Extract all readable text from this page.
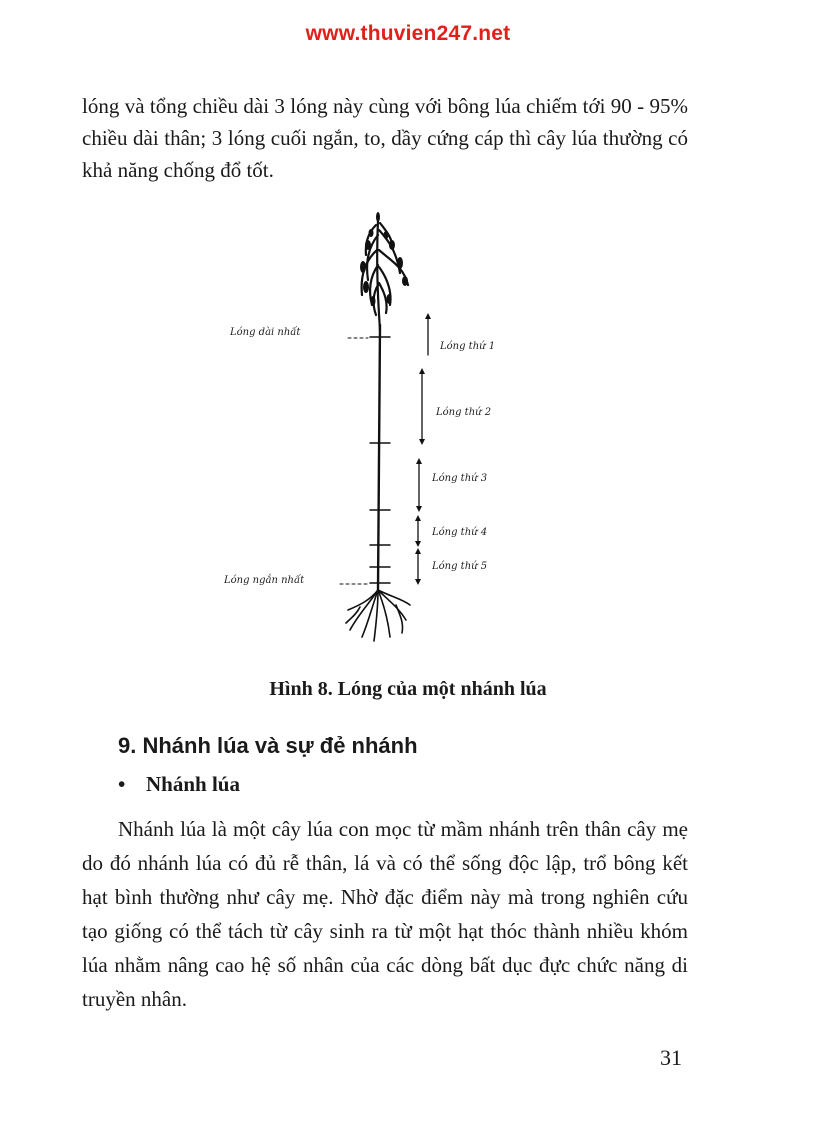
www.thuvien247.net

lóng và tổng chiều dài 3 lóng này cùng với bông lúa chiếm tới 90 - 95% chiều dài thân; 3 lóng cuối ngắn, to, dầy cứng cáp thì cây lúa thường có khả năng chống đổ tốt.

Lóng dài nhất
Lóng ngắn nhất
Lóng thứ 1
Lóng thứ 2
Lóng thứ 3
Lóng thứ 4
Lóng thứ 5
Hình 8. Lóng của một nhánh lúa
9. Nhánh lúa và sự đẻ nhánh
• Nhánh lúa

Nhánh lúa là một cây lúa con mọc từ mầm nhánh trên thân cây mẹ do đó nhánh lúa có đủ rễ thân, lá và có thể sống độc lập, trổ bông kết hạt bình thường như cây mẹ. Nhờ đặc điểm này mà trong nghiên cứu tạo giống có thể tách từ cây sinh ra từ một hạt thóc thành nhiều khóm lúa nhằm nâng cao hệ số nhân của các dòng bất dục đực chức năng di truyền nhân.

31
